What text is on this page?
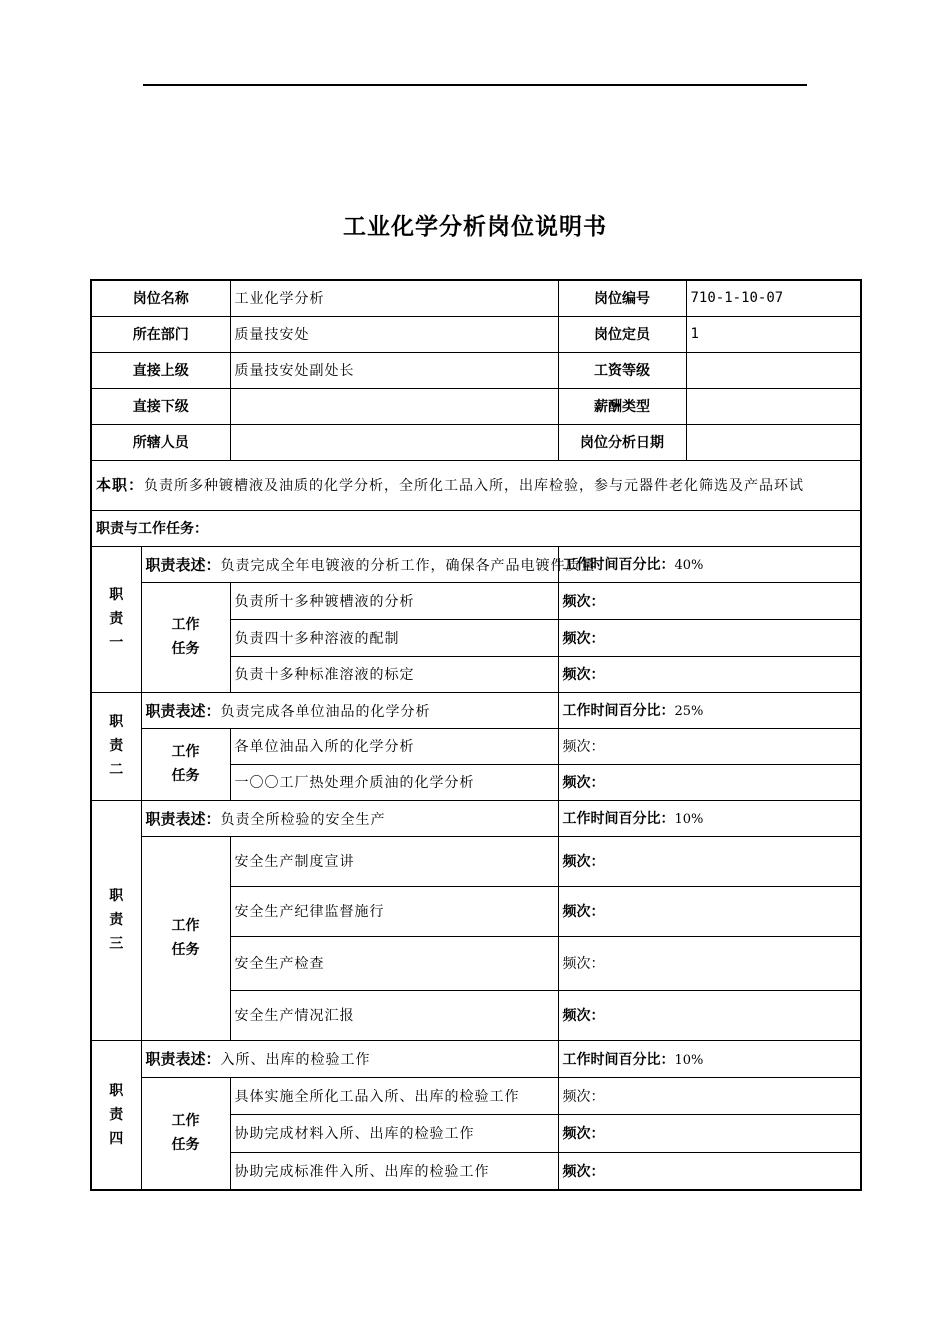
工业化学分析岗位说明书
岗位名称		工业化学分析	岗位编号	710-1-10-07
所在部门		质量技安处	岗位定员	1
直接上级		质量技安处副处长	工资等级	
直接下级			薪酬类型	
所辖人员			岗位分析日期	
本职：负责所多种镀槽液及油质的化学分析，全所化工品入所，出库检验，参与元器件老化筛选及产品环试				
职责与工作任务：				
职责一	职责表述：负责完成全年电镀液的分析工作，确保各产品电镀件质量		工作时间百分比：40%	
	工作任务	负责所十多种镀槽液的分析	频次：	
		负责四十多种溶液的配制	频次：	
		负责十多种标准溶液的标定	频次：	
职责二	职责表述：负责完成各单位油品的化学分析		工作时间百分比：25%	
	工作任务	各单位油品入所的化学分析	频次：	
		一〇〇工厂热处理介质油的化学分析	频次：	
职责三	职责表述：负责全所检验的安全生产		工作时间百分比：10%	
	工作任务	安全生产制度宣讲	频次：	
		安全生产纪律监督施行	频次：	
		安全生产检查	频次：	
		安全生产情况汇报	频次：	
职责四	职责表述：入所、出库的检验工作		工作时间百分比：10%	
	工作任务	具体实施全所化工品入所、出库的检验工作	频次：	
		协助完成材料入所、出库的检验工作	频次：	
		协助完成标准件入所、出库的检验工作	频次：	
